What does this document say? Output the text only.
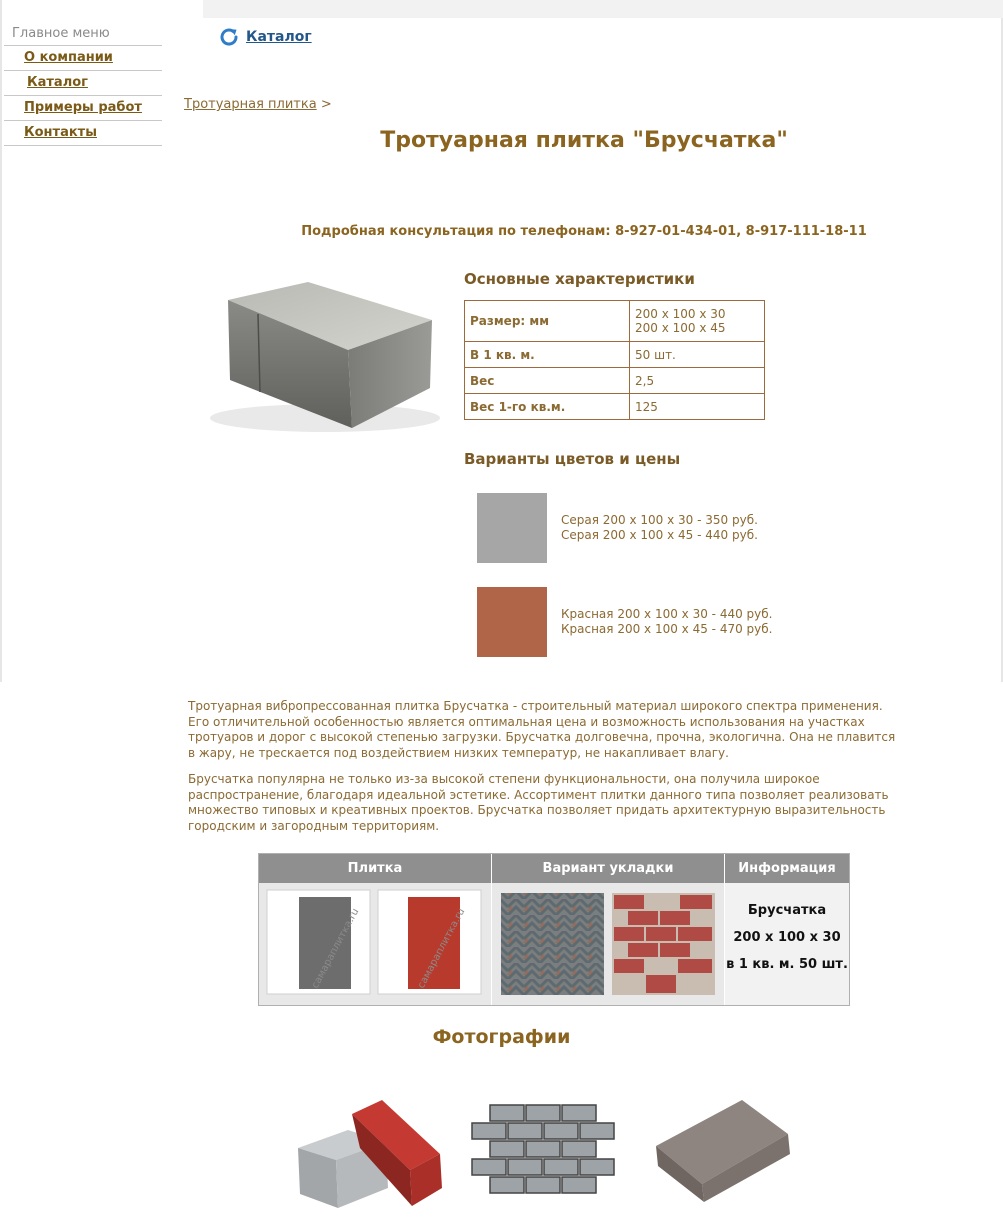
Главное меню
О компании
Каталог
Примеры работ
Контакты
Каталог
Тротуарная плитка >
Тротуарная плитка "Брусчатка"
Подробная консультация по телефонам: 8-927-01-434-01, 8-917-111-18-11
Основные характеристики
Размер: мм	200 х 100 х 30
200 х 100 х 45

В 1 кв. м.	50 шт.
Вес	2,5
Вес 1-го кв.м.	125
Варианты цветов и цены
Серая 200 х 100 х 30 - 350 руб.
Серая 200 х 100 х 45 - 440 руб.
Красная 200 х 100 х 30 - 440 руб.
Красная 200 х 100 х 45 - 470 руб.

Тротуарная вибропрессованная плитка Брусчатка - строительный материал широкого спектра применения. Его отличительной особенностью является оптимальная цена и возможность использования на участках тротуаров и дорог с высокой степенью загрузки. Брусчатка долговечна, прочна, экологична. Она не плавится в жару, не трескается под воздействием низких температур, не накапливает влагу.

Брусчатка популярна не только из-за высокой степени функциональности, она получила широкое распространение, благодаря идеальной эстетике. Ассортимент плитки данного типа позволяет реализовать множество типовых и креативных проектов. Брусчатка позволяет придать архитектурную выразительность городским и загородным территориям.

Плитка	Вариант укладки	Информация
самараплитка.ru	самараплитка.ru	Брусчатка
200 х 100 х 30
в 1 кв. м. 50 шт.
Фотографии
